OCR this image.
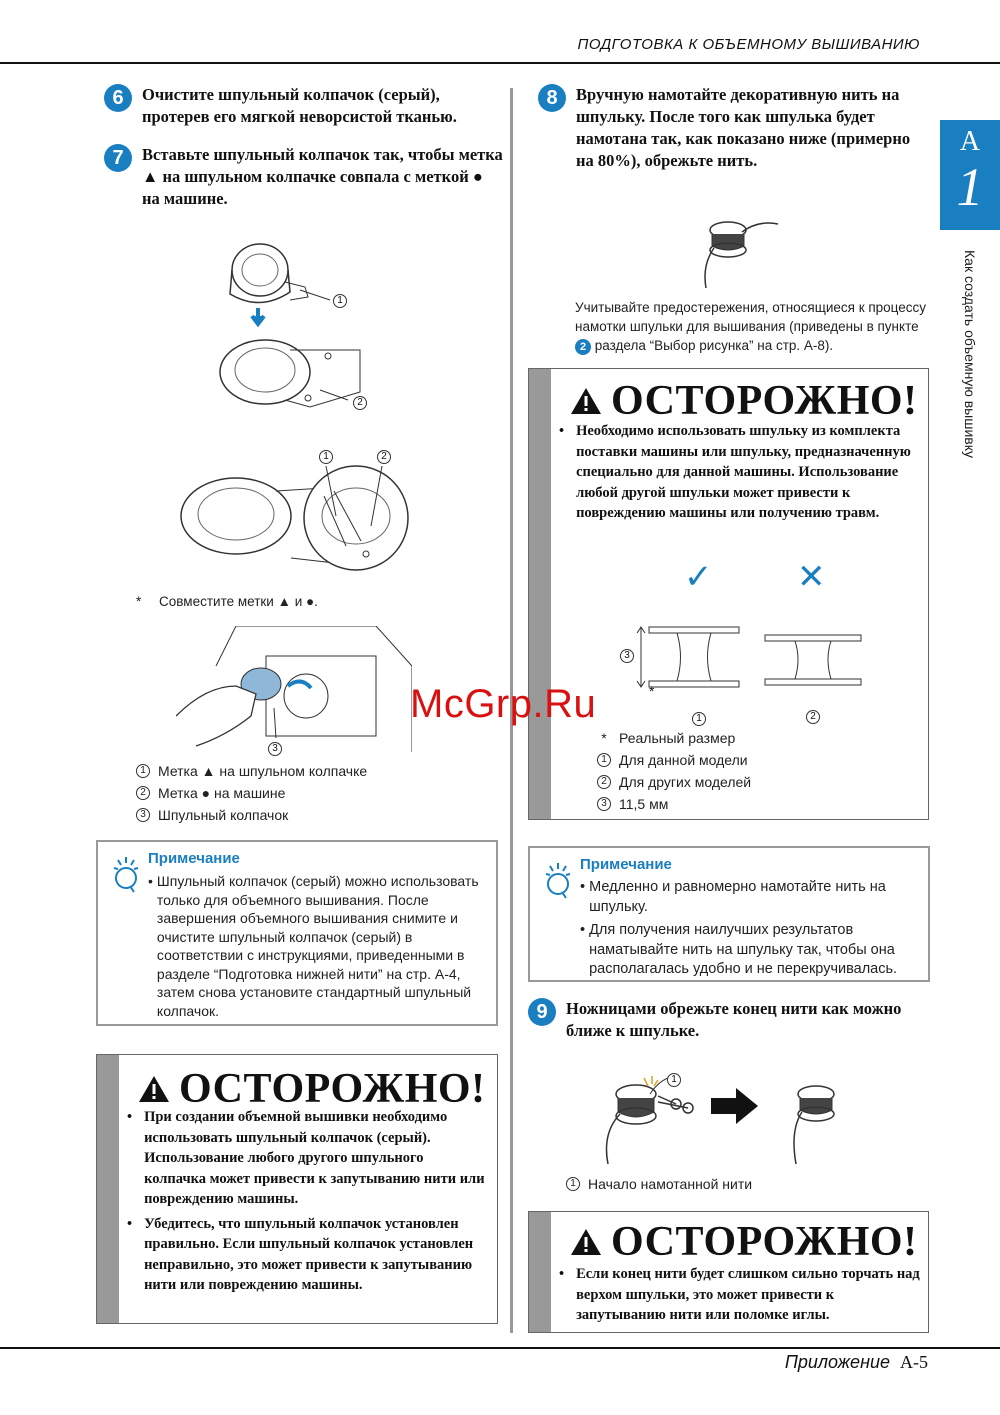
ПОДГОТОВКА К ОБЪЕМНОМУ ВЫШИВАНИЮ
A
1
Как создать объемную вышивку
6	Очистите шпульный колпачок (серый), протерев его мягкой неворсистой тканью.
7	Вставьте шпульный колпачок так, чтобы метка ▲ на шпульном колпачке совпала с меткой ● на машине.
1
2
1	2
* Совместите метки ▲ и ●.
3
1 Метка ▲ на шпульном колпачке
2 Метка ● на машине
3 Шпульный колпачок
Примечание
• Шпульный колпачок (серый) можно использовать только для объемного вышивания. После завершения объемного вышивания снимите и очистите шпульный колпачок (серый) в соответствии с инструкциями, приведенными в разделе “Подготовка нижней нити” на стр. A-4, затем снова установите стандартный шпульный колпачок.
ОСТОРОЖНО!
• При создании объемной вышивки необходимо использовать шпульный колпачок (серый). Использование любого другого шпульного колпачка может привести к запутыванию нити или повреждению машины.
• Убедитесь, что шпульный колпачок установлен правильно. Если шпульный колпачок установлен неправильно, это может привести к запутыванию нити или повреждению машины.
8	Вручную намотайте декоративную нить на шпульку. После того как шпулька будет намотана так, как показано ниже (примерно на 80%), обрежьте нить.
Учитывайте предостережения, относящиеся к процессу намотки шпульки для вышивания (приведены в пункте 2 раздела “Выбор рисунка” на стр. A-8).
ОСТОРОЖНО!
• Необходимо использовать шпульку из комплекта поставки машины или шпульку, предназначенную специально для данной машины. Использование любой другой шпульки может привести к повреждению машины или получению травм.
✓ ✕
3
*
1	2
* Реальный размер
1 Для данной модели
2 Для других моделей
3 11,5 мм
Примечание
• Медленно и равномерно намотайте нить на шпульку.
• Для получения наилучших результатов наматывайте нить на шпульку так, чтобы она располагалась удобно и не перекручивалась.
9	Ножницами обрежьте конец нити как можно ближе к шпульке.
1
1 Начало намотанной нити
ОСТОРОЖНО!
• Если конец нити будет слишком сильно торчать над верхом шпульки, это может привести к запутыванию нити или поломке иглы.
Приложение A-5
McGrp.Ru
